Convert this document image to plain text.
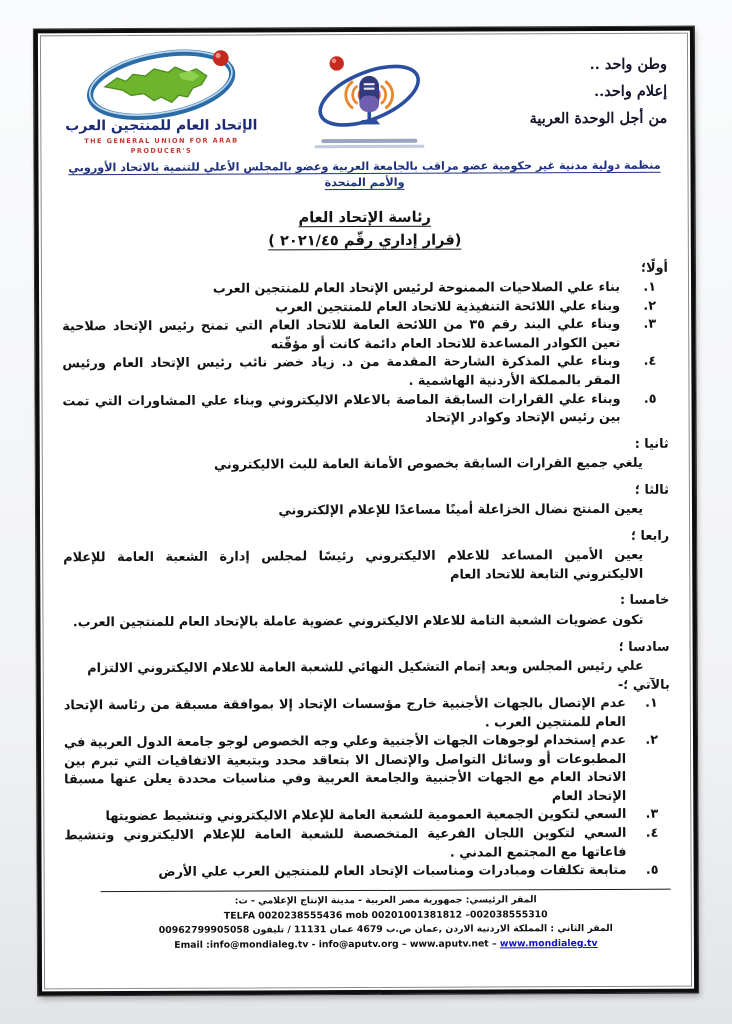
وطن واحد ..
إعلام واحد..
من أجل الوحدة العربية
الإتحاد العام للمنتجين العرب
THE GENERAL UNION FOR ARAB PRODUCER'S
منظمة دولية مدنية غير حكومية عضو مراقب بالجامعة العربية وعضو بالمجلس الأعلي للتنمية بالاتحاد الأوروبي والأمم المتحدة
رئاسة الإتحاد العام
(قرار إداري رقّم ٢٠٢١/٤٥ )
أولًا؛
١.
بناء علي الصلاحيات الممنوحة لرئيس الإتحاد العام للمنتجين العرب
٢.
وبناء علي اللائحة التنفيذية للاتحاد العام للمنتجين العرب
٣.
وبناء علي البند رقم ٣٥ من اللائحة العامة للاتحاد العام التي تمنح رئيس الإتحاد صلاحية تعين الكوادر المساعدة للاتحاد العام دائمة كانت أو مؤقّته
٤.
وبناء علي المذكرة الشارحة المقدمة من د. زياد خضر نائب رئيس الإتحاد العام ورئيس المقر بالمملكة الأردنية الهاشمية .
٥.
وبناء علي القرارات السابقة الماصة بالاعلام الاليكتروني وبناء علي المشاورات التي تمت بين رئيس الإتحاد وكوادر الإتحاد
ثانيا :
يلغي جميع القرارات السابقة بخصوص الأمانة العامة للبث الاليكتروني
ثالثا ؛
يعين المنتج نضال الخزاعلة أمينًا مساعدًا للإعلام الإلكتروني
رابعا ؛
يعين الأمين المساعد للاعلام الاليكتروني رئيسًا لمجلس إدارة الشعبة العامة للإعلام الاليكتروني التابعة للاتحاد العام
خامسا :
تكون عضويات الشعبة التامة للاعلام الاليكتروني عضوية عاملة بالإتحاد العام للمنتجين العرب.
سادسا ؛
علي رئيس المجلس وبعد إتمام التشكيل النهائي للشعبة العامة للاعلام الاليكتروني الالتزام
بالآتي ؛-
١.
عدم الإتصال بالجهات الأجنبية خارج مؤسسات الإتحاد إلا بموافقة مسبقة من رئاسة الإتحاد العام للمنتجين العرب .
٢.
عدم إستخدام لوجوهات الجهات الأجنبية وعلي وجه الخصوص لوجو جامعة الدول العربية في المطبوعات أو وسائل التواصل والإتصال الا بتعاقد محدد وبتبعية الاتفاقيات التي تبرم بين الاتحاد العام مع الجهات الأجنبية والجامعة العربية وفي مناسبات محددة يعلن عنها مسبقا الإتحاد العام
٣.
السعي لتكوين الجمعية العمومية للشعبة العامة للإعلام الاليكتروني وتنشيط عضويتها
٤.
السعي لتكوين اللجان الفرعية المتخصصة للشعبة العامة للإعلام الاليكتروني وتنشيط فاعاتها مع المجتمع المدني .
٥.
متابعة تكلفات ومبادرات ومناسبات الإتحاد العام للمنتجين العرب علي الأرض
المقر الرئيسي: جمهورية مصر العربية - مدينة الإنتاج الإعلامي - ت: TELFA 0020238555436 mob 00201001381812 –002038555310
المقر الثاني : المملكة الاردنية الاردن ,عمان ص.ب 4679 عمان 11131 / تليفون 00962799905058
Email :info@mondialeg.tv - info@aputv.org – www.aputv.net – www.mondialeg.tv
